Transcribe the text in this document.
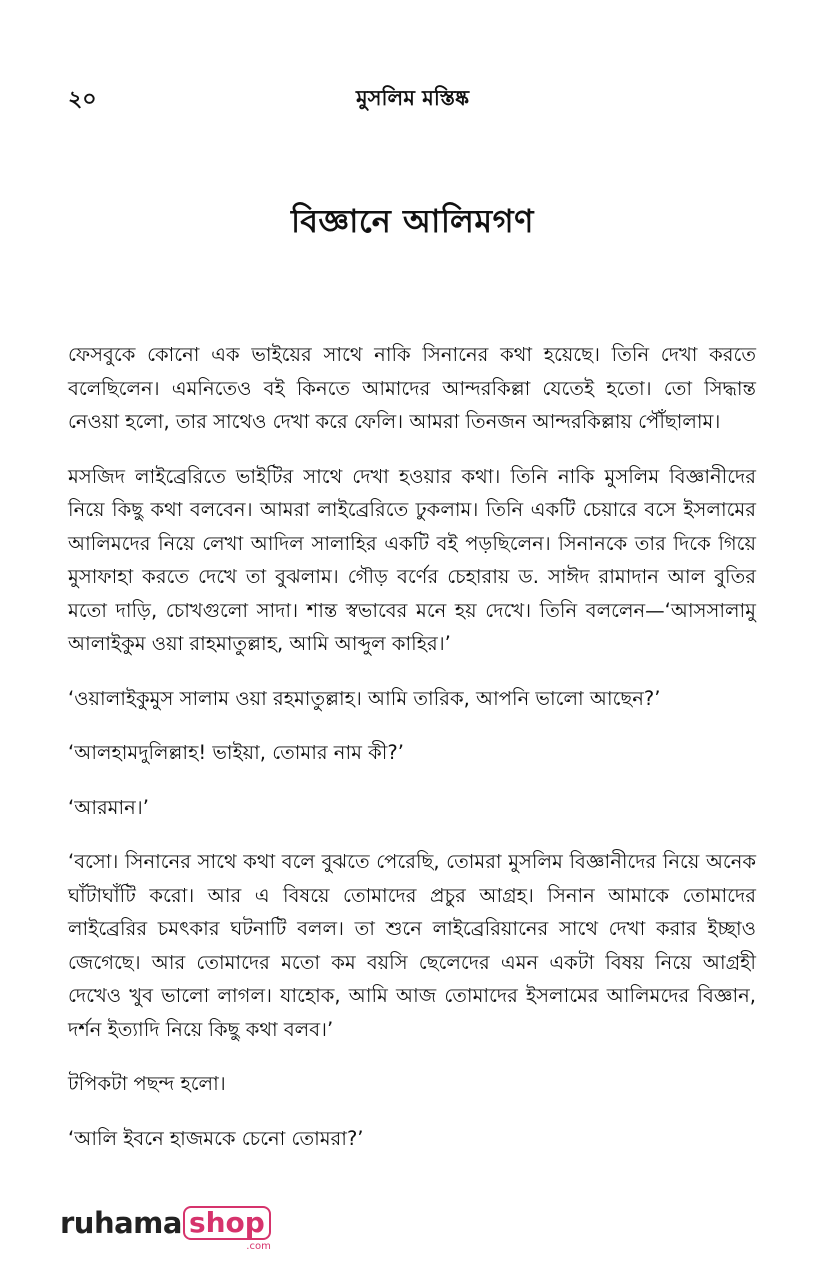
২০	মুসলিম মস্তিষ্ক
বিজ্ঞানে আলিমগণ

ফেসবুকে কোনো এক ভাইয়ের সাথে নাকি সিনানের কথা হয়েছে। তিনি দেখা করতে বলেছিলেন। এমনিতেও বই কিনতে আমাদের আন্দরকিল্লা যেতেই হতো। তো সিদ্ধান্ত নেওয়া হলো, তার সাথেও দেখা করে ফেলি। আমরা তিনজন আন্দরকিল্লায় পৌঁছালাম।

মসজিদ লাইব্রেরিতে ভাইটির সাথে দেখা হওয়ার কথা। তিনি নাকি মুসলিম বিজ্ঞানীদের নিয়ে কিছু কথা বলবেন। আমরা লাইব্রেরিতে ঢুকলাম। তিনি একটি চেয়ারে বসে ইসলামের আলিমদের নিয়ে লেখা আদিল সালাহির একটি বই পড়ছিলেন। সিনানকে তার দিকে গিয়ে মুসাফাহা করতে দেখে তা বুঝলাম। গৌড় বর্ণের চেহারায় ড. সাঈদ রামাদান আল বুতির মতো দাড়ি, চোখগুলো সাদা। শান্ত স্বভাবের মনে হয় দেখে। তিনি বললেন—‘আসসালামু আলাইকুম ওয়া রাহমাতুল্লাহ, আমি আব্দুল কাহির।’

‘ওয়ালাইকুমুস সালাম ওয়া রহমাতুল্লাহ। আমি তারিক, আপনি ভালো আছেন?’

‘আলহামদুলিল্লাহ! ভাইয়া, তোমার নাম কী?’

‘আরমান।’

‘বসো। সিনানের সাথে কথা বলে বুঝতে পেরেছি, তোমরা মুসলিম বিজ্ঞানীদের নিয়ে অনেক ঘাঁটাঘাঁটি করো। আর এ বিষয়ে তোমাদের প্রচুর আগ্রহ। সিনান আমাকে তোমাদের লাইব্রেরির চমৎকার ঘটনাটি বলল। তা শুনে লাইব্রেরিয়ানের সাথে দেখা করার ইচ্ছাও জেগেছে। আর তোমাদের মতো কম বয়সি ছেলেদের এমন একটা বিষয় নিয়ে আগ্রহী দেখেও খুব ভালো লাগল। যাহোক, আমি আজ তোমাদের ইসলামের আলিমদের বিজ্ঞান, দর্শন ইত্যাদি নিয়ে কিছু কথা বলব।’

টপিকটা পছন্দ হলো।

‘আলি ইবনে হাজমকে চেনো তোমরা?’

ruhama shop
.com
